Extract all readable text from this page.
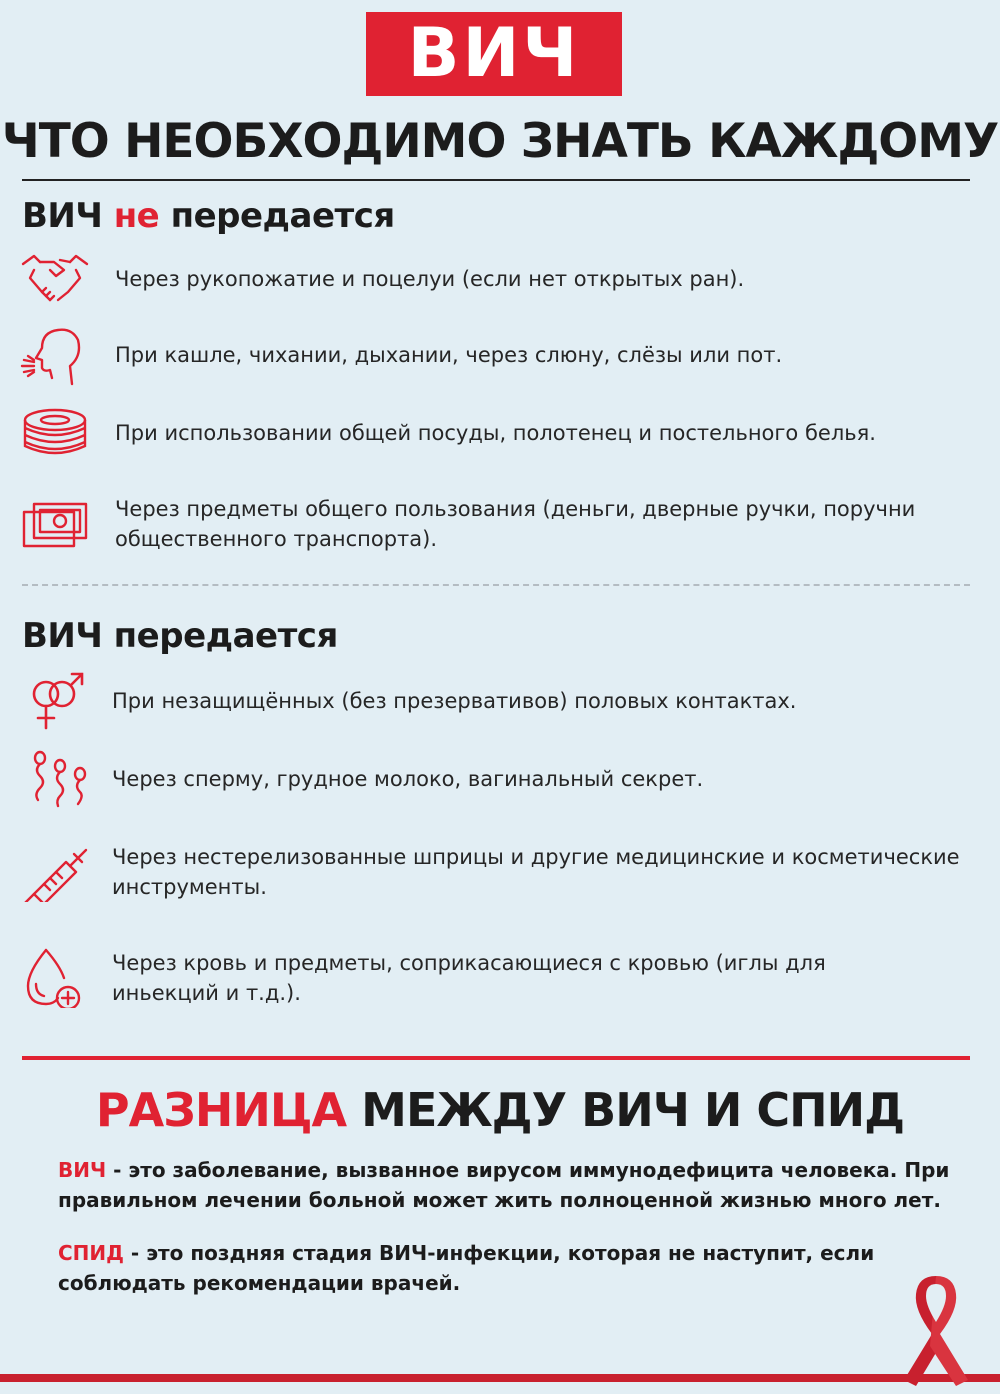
ВИЧ
ЧТО НЕОБХОДИМО ЗНАТЬ КАЖДОМУ
ВИЧ не передается
Через рукопожатие и поцелуи (если нет открытых ран).
При кашле, чихании, дыхании, через слюну, слёзы или пот.
При использовании общей посуды, полотенец и постельного белья.
Через предметы общего пользования (деньги, дверные ручки, поручни общественного транспорта).
ВИЧ передается
При незащищённых (без презервативов) половых контактах.
Через сперму, грудное молоко, вагинальный секрет.
Через нестерелизованные шприцы и другие медицинские и косметические инструменты.
Через кровь и предметы, соприкасающиеся с кровью (иглы для иньекций и т.д.).
РАЗНИЦА МЕЖДУ ВИЧ И СПИД
ВИЧ - это заболевание, вызванное вирусом иммунодефицита человека. При правильном лечении больной может жить полноценной жизнью много лет.
СПИД - это поздняя стадия ВИЧ-инфекции, которая не наступит, если соблюдать рекомендации врачей.
